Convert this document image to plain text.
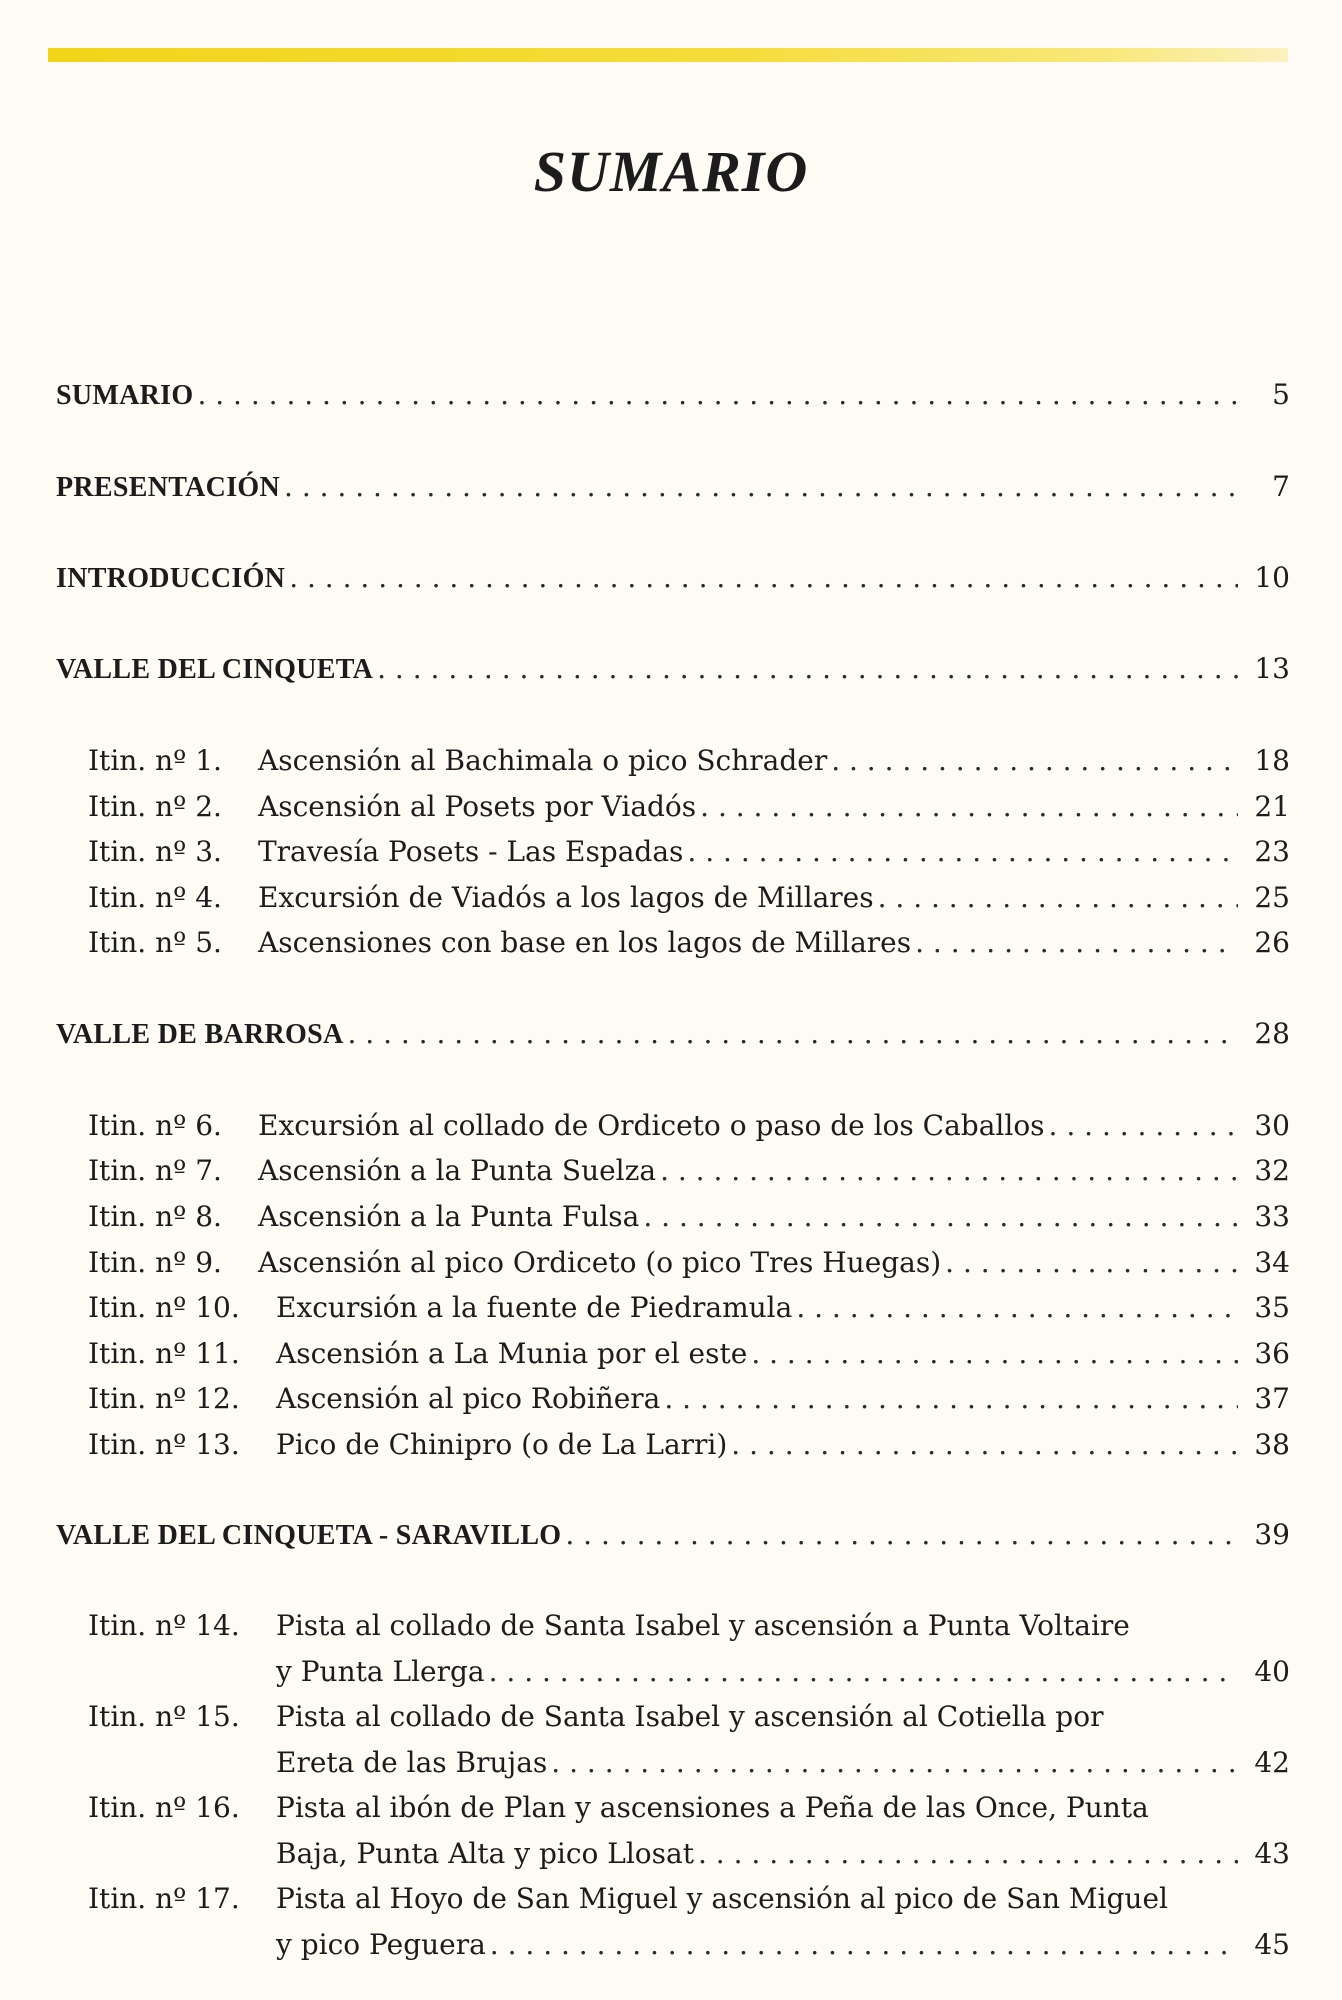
SUMARIO
SUMARIO . . .	5
PRESENTACIÓN . . .	7
INTRODUCCIÓN . . .	10
VALLE DEL CINQUETA . . .	13
Itin. nº 1.	Ascensión al Bachimala o pico Schrader . . .	18
Itin. nº 2.	Ascensión al Posets por Viadós . . .	21
Itin. nº 3.	Travesía Posets - Las Espadas . . .	23
Itin. nº 4.	Excursión de Viadós a los lagos de Millares . . .	25
Itin. nº 5.	Ascensiones con base en los lagos de Millares . . .	26
VALLE DE BARROSA . . .	28
Itin. nº 6.	Excursión al collado de Ordiceto o paso de los Caballos . . .	30
Itin. nº 7.	Ascensión a la Punta Suelza . . .	32
Itin. nº 8.	Ascensión a la Punta Fulsa . . .	33
Itin. nº 9.	Ascensión al pico Ordiceto (o pico Tres Huegas) . . .	34
Itin. nº 10.	Excursión a la fuente de Piedramula . . .	35
Itin. nº 11.	Ascensión a La Munia por el este . . .	36
Itin. nº 12.	Ascensión al pico Robiñera . . .	37
Itin. nº 13.	Pico de Chinipro (o de La Larri) . . .	38
VALLE DEL CINQUETA - SARAVILLO . . .	39
Itin. nº 14.	Pista al collado de Santa Isabel y ascensión a Punta Voltaire
y Punta Llerga . . .	40
Itin. nº 15.	Pista al collado de Santa Isabel y ascensión al Cotiella por
Ereta de las Brujas . . .	42
Itin. nº 16.	Pista al ibón de Plan y ascensiones a Peña de las Once, Punta
Baja, Punta Alta y pico Llosat . . .	43
Itin. nº 17.	Pista al Hoyo de San Miguel y ascensión al pico de San Miguel
y pico Peguera . . .	45
